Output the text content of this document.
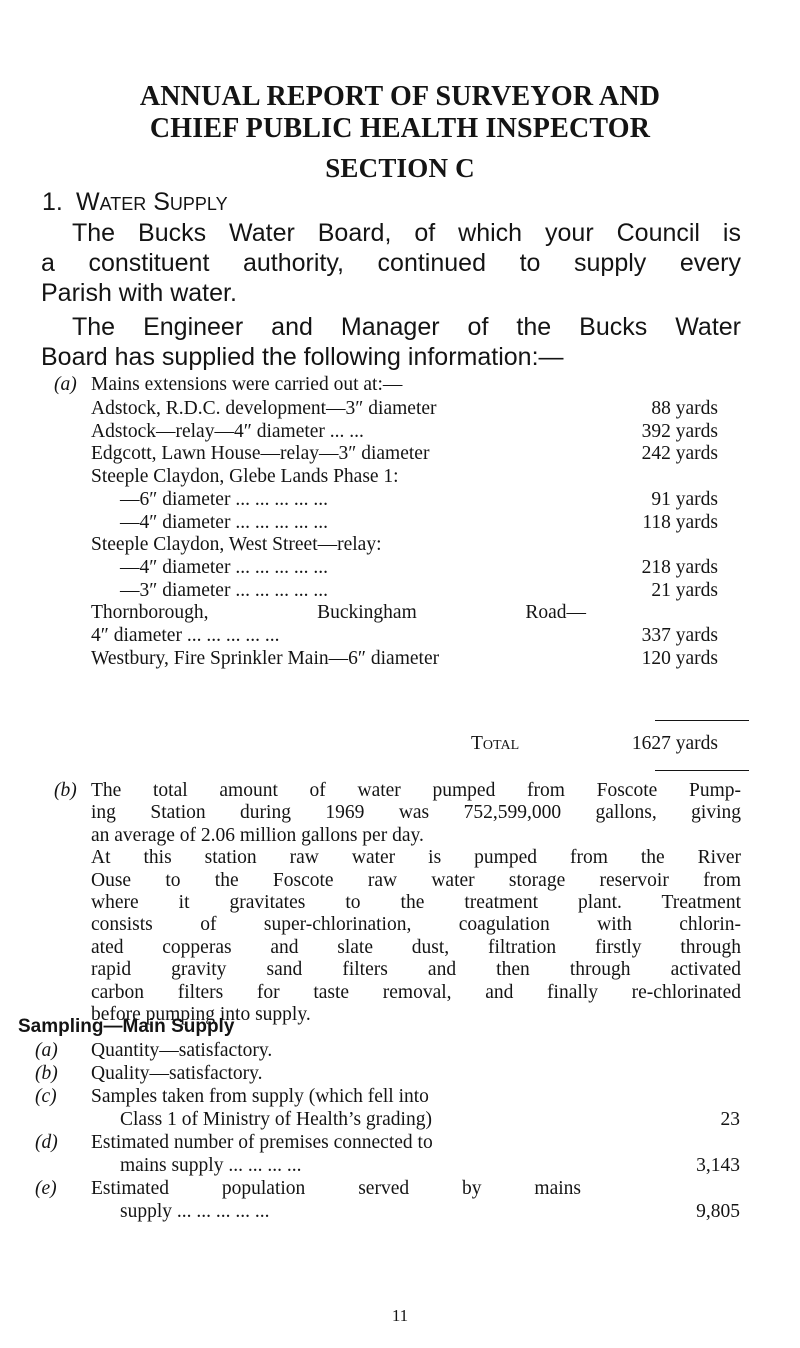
ANNUAL REPORT OF SURVEYOR AND
CHIEF PUBLIC HEALTH INSPECTOR
SECTION C
1. Water Supply
The Bucks Water Board, of which your Council is
a constituent authority, continued to supply every
Parish with water.
The Engineer and Manager of the Bucks Water
Board has supplied the following information:—
(a) Mains extensions were carried out at:—
Adstock, R.D.C. development—3″ diameter	88 yards
Adstock—relay—4″ diameter ... ...	392 yards
Edgcott, Lawn House—relay—3″ diameter	242 yards
Steeple Claydon, Glebe Lands Phase 1:
—6″ diameter ... ... ... ... ...	91 yards
—4″ diameter ... ... ... ... ...	118 yards
Steeple Claydon, West Street—relay:
—4″ diameter ... ... ... ... ...	218 yards
—3″ diameter ... ... ... ... ...	21 yards
Thornborough, Buckingham Road—
4″ diameter ... ... ... ... ...	337 yards
Westbury, Fire Sprinkler Main—6″ diameter	120 yards
Total	1627 yards
(b) The total amount of water pumped from Foscote Pump-
ing Station during 1969 was 752,599,000 gallons, giving
an average of 2.06 million gallons per day.
At this station raw water is pumped from the River
Ouse to the Foscote raw water storage reservoir from
where it gravitates to the treatment plant. Treatment
consists of super-chlorination, coagulation with chlorin-
ated copperas and slate dust, filtration firstly through
rapid gravity sand filters and then through activated
carbon filters for taste removal, and finally re-chlorinated
before pumping into supply.
Sampling—Main Supply
(a) Quantity—satisfactory.
(b) Quality—satisfactory.
(c) Samples taken from supply (which fell into
Class 1 of Ministry of Health’s grading)	23
(d) Estimated number of premises connected to
mains supply ... ... ... ...	3,143
(e) Estimated population served by mains
supply ... ... ... ... ...	9,805
11
